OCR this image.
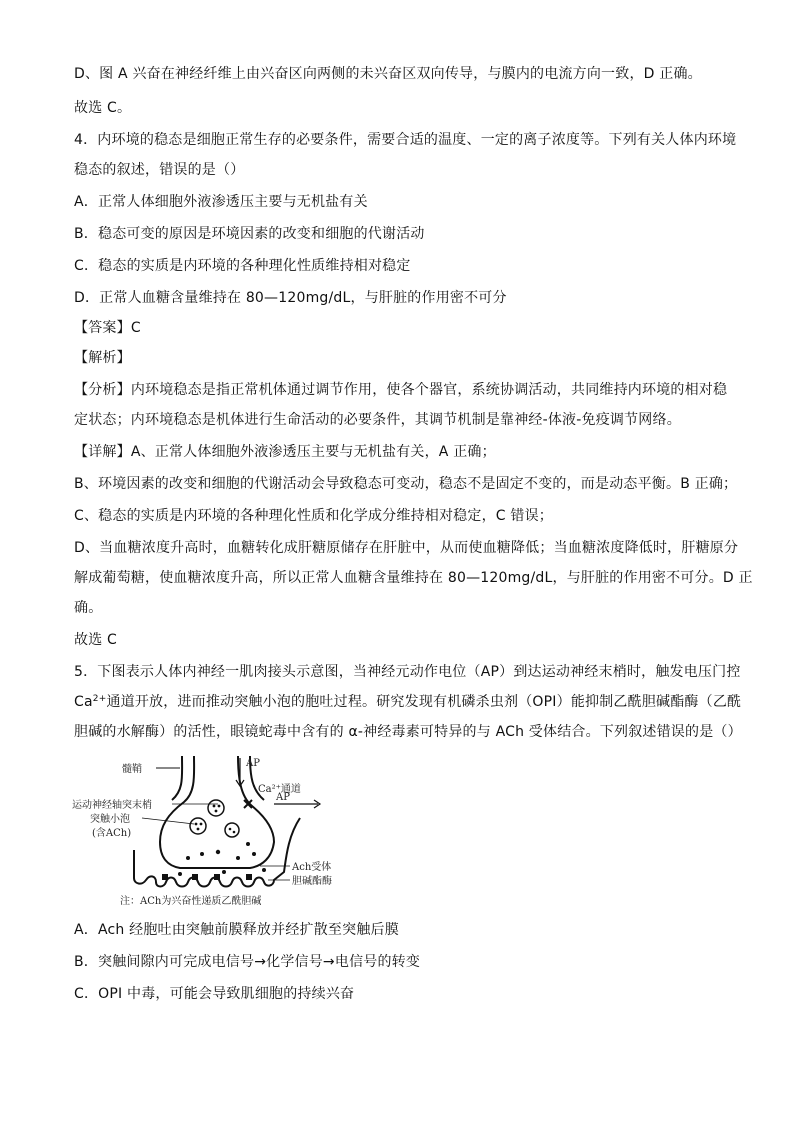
D、图 A 兴奋在神经纤维上由兴奋区向两侧的未兴奋区双向传导，与膜内的电流方向一致，D 正确。
故选 C。
4．内环境的稳态是细胞正常生存的必要条件，需要合适的温度、一定的离子浓度等。下列有关人体内环境
稳态的叙述，错误的是（）
A．正常人体细胞外液渗透压主要与无机盐有关
B．稳态可变的原因是环境因素的改变和细胞的代谢活动
C．稳态的实质是内环境的各种理化性质维持相对稳定
D．正常人血糖含量维持在 80—120mg/dL，与肝脏的作用密不可分
【答案】C
【解析】
【分析】内环境稳态是指正常机体通过调节作用，使各个器官，系统协调活动，共同维持内环境的相对稳
定状态；内环境稳态是机体进行生命活动的必要条件，其调节机制是靠神经-体液-免疫调节网络。
【详解】A、正常人体细胞外液渗透压主要与无机盐有关，A 正确；
B、环境因素的改变和细胞的代谢活动会导致稳态可变动，稳态不是固定不变的，而是动态平衡。B 正确；
C、稳态的实质是内环境的各种理化性质和化学成分维持相对稳定，C 错误；
D、当血糖浓度升高时，血糖转化成肝糖原储存在肝脏中，从而使血糖降低；当血糖浓度降低时，肝糖原分
解成葡萄糖，使血糖浓度升高，所以正常人血糖含量维持在 80—120mg/dL，与肝脏的作用密不可分。D 正
确。
故选 C
5．下图表示人体内神经一肌肉接头示意图，当神经元动作电位（AP）到达运动神经末梢时，触发电压门控
$Ca^{2+}$通道开放，进而推动突触小泡的胞吐过程。研究发现有机磷杀虫剂（OPI）能抑制乙酰胆碱酯酶（乙酰
胆碱的水解酶）的活性，眼镜蛇毒中含有的 α-神经毒素可特异的与 ACh 受体结合。下列叙述错误的是（）
髓鞘
AP
Ca²⁺通道
AP
运动神经轴突末梢
突触小泡
(含ACh)
Ach受体
胆碱酯酶
注：ACh为兴奋性递质乙酰胆碱
A．Ach 经胞吐由突触前膜释放并经扩散至突触后膜
B．突触间隙内可完成电信号→化学信号→电信号的转变
C．OPI 中毒，可能会导致肌细胞的持续兴奋
